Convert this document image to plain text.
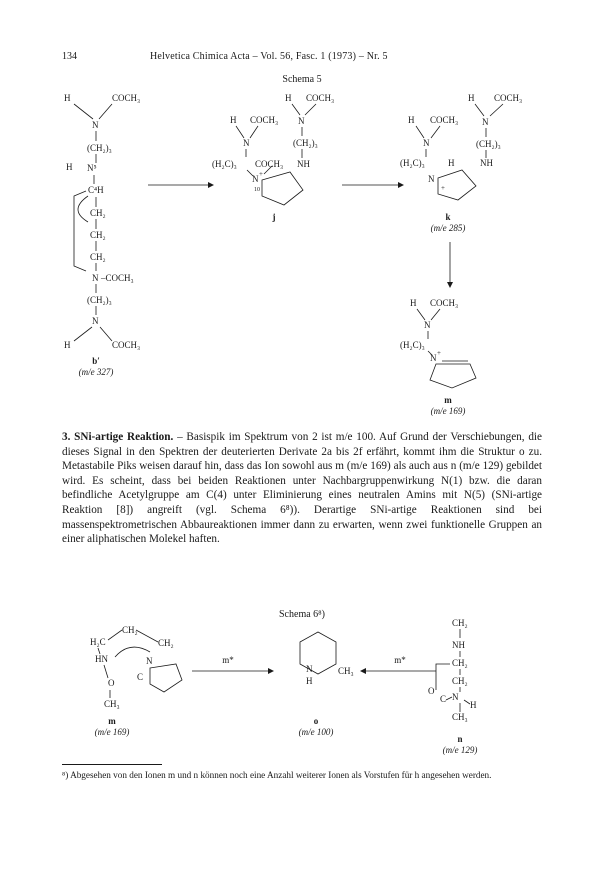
134	Helvetica Chimica Acta – Vol. 56, Fasc. 1 (1973) – Nr. 5
Schema 5
H	COCH₃
N
(CH₂)₃
H N⁵
C⁴H
CH₂
CH₂
CH₂
N –COCH₃
(CH₂)₃
N
H	COCH₃
b′
(m/e 327)
H COCH₃
H COCH₃ N
(CH₂)₃
N
(H₂C)₃ COCH₃ NH
N +
10
j
H COCH₃
H COCH₃	N
(CH₂)₃
N
(H₂C)₃	H	NH
N
+
k
(m/e 285)
H COCH₃
N
(H₂C)₃
N +
m
(m/e 169)

3. SNi-artige Reaktion. – Basispik im Spektrum von 2 ist m/e 100. Auf Grund der Verschiebungen, die dieses Signal in den Spektren der deuterierten Derivate 2a bis 2f erfährt, kommt ihm die Struktur o zu. Metastabile Piks weisen darauf hin, dass das Ion sowohl aus m (m/e 169) als auch aus n (m/e 129) gebildet wird. Es scheint, dass bei beiden Reaktionen unter Nachbargruppenwirkung N(1) bzw. die daran befindliche Acetylgruppe am C(4) unter Eliminierung eines neutralen Amins mit N(5) (SNi-artige Reaktion [8]) angreift (vgl. Schema 6⁸)). Derartige SNi-artige Reaktionen sind bei massenspektrometrischen Abbaureaktionen immer dann zu erwarten, wenn zwei funktionelle Gruppen an einer aliphatischen Molekel haften.

Schema 6⁸)
CH₂
H₂C	CH₂
HN	N
C
O
CH₃
m
(m/e 169)
m*
N
H
CH₃
o
(m/e 100)
m*
CH₂
NH
CH₂
CH₂
N
H
O
C
CH₃
n
(m/e 129)
⁸) Abgesehen von den Ionen m und n können noch eine Anzahl weiterer Ionen als Vorstufen für h angesehen werden.
